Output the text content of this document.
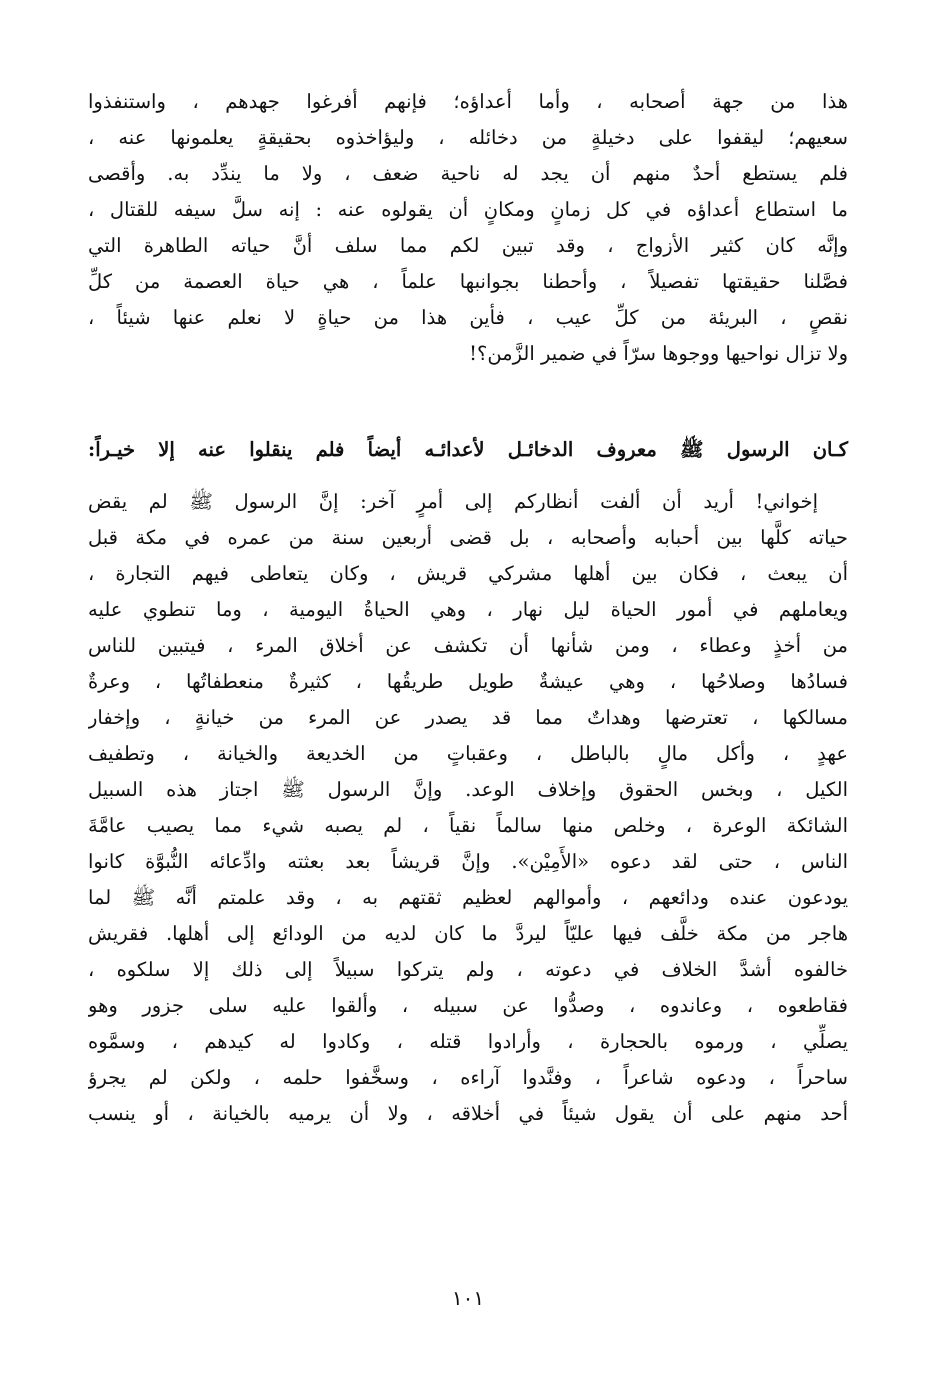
هذا من جهة أصحابه ، وأما أعداؤه؛ فإنهم أفرغوا جهدهم ، واستنفذوا
سعيهم؛ ليقفوا على دخيلةٍ من دخائله ، وليؤاخذوه بحقيقةٍ يعلمونها عنه ،
فلم يستطع أحدٌ منهم أن يجد له ناحية ضعف ، ولا ما يندِّد به. وأقصى
ما استطاع أعداؤه في كل زمانٍ ومكانٍ أن يقولوه عنه : إنه سلَّ سيفه للقتال ،
وإنَّه كان كثير الأزواج ، وقد تبين لكم مما سلف أنَّ حياته الطاهرة التي
فصَّلنا حقيقتها تفصيلاً ، وأحطنا بجوانبها علماً ، هي حياة العصمة من كلِّ
نقصٍ ، البريئة من كلِّ عيب ، فأين هذا من حياةٍ لا نعلم عنها شيئاً ،
ولا تزال نواحيها ووجوها سرّاً في ضمير الزَّمن؟!
كـان الرسول ﷺ معروف الدخائـل لأعدائـه أيضاً فلم ينقلوا عنه إلا خيـراً:
إخواني! أريد أن ألفت أنظاركم إلى أمرٍ آخر: إنَّ الرسول ﷺ لم يقض
حياته كلَّها بين أحبابه وأصحابه ، بل قضى أربعين سنة من عمره في مكة قبل
أن يبعث ، فكان بين أهلها مشركي قريش ، وكان يتعاطى فيهم التجارة ،
ويعاملهم في أمور الحياة ليل نهار ، وهي الحياةُ اليومية ، وما تنطوي عليه
من أخذٍ وعطاء ، ومن شأنها أن تكشف عن أخلاق المرء ، فيتبين للناس
فسادُها وصلاحُها ، وهي عيشةٌ طويل طريقُها ، كثيرةٌ منعطفاتُها ، وعرةٌ
مسالكها ، تعترضها وهداتٌ مما قد يصدر عن المرء من خيانةٍ ، وإخفار
عهدٍ ، وأكل مالٍ بالباطل ، وعقباتٍ من الخديعة والخيانة ، وتطفيف
الكيل ، وبخس الحقوق وإخلاف الوعد. وإنَّ الرسول ﷺ اجتاز هذه السبيل
الشائكة الوعرة ، وخلص منها سالماً نقياً ، لم يصبه شيء مما يصيب عامَّةَ
الناس ، حتى لقد دعوه «الأَمِيْن». وإنَّ قريشاً بعد بعثته وادِّعائه النُّبوَّة كانوا
يودعون عنده ودائعهم ، وأموالهم لعظيم ثقتهم به ، وقد علمتم أنَّه ﷺ لما
هاجر من مكة خلَّف فيها عليّاً ليردَّ ما كان لديه من الودائع إلى أهلها. فقريش
خالفوه أشدَّ الخلاف في دعوته ، ولم يتركوا سبيلاً إلى ذلك إلا سلكوه ،
فقاطعوه ، وعاندوه ، وصدُّوا عن سبيله ، وألقوا عليه سلى جزور وهو
يصلِّي ، ورموه بالحجارة ، وأرادوا قتله ، وكادوا له كيدهم ، وسمَّوه
ساحراً ، ودعوه شاعراً ، وفنَّدوا آراءه ، وسخَّفوا حلمه ، ولكن لم يجرؤ
أحد منهم على أن يقول شيئاً في أخلاقه ، ولا أن يرميه بالخيانة ، أو ينسب
١٠١
